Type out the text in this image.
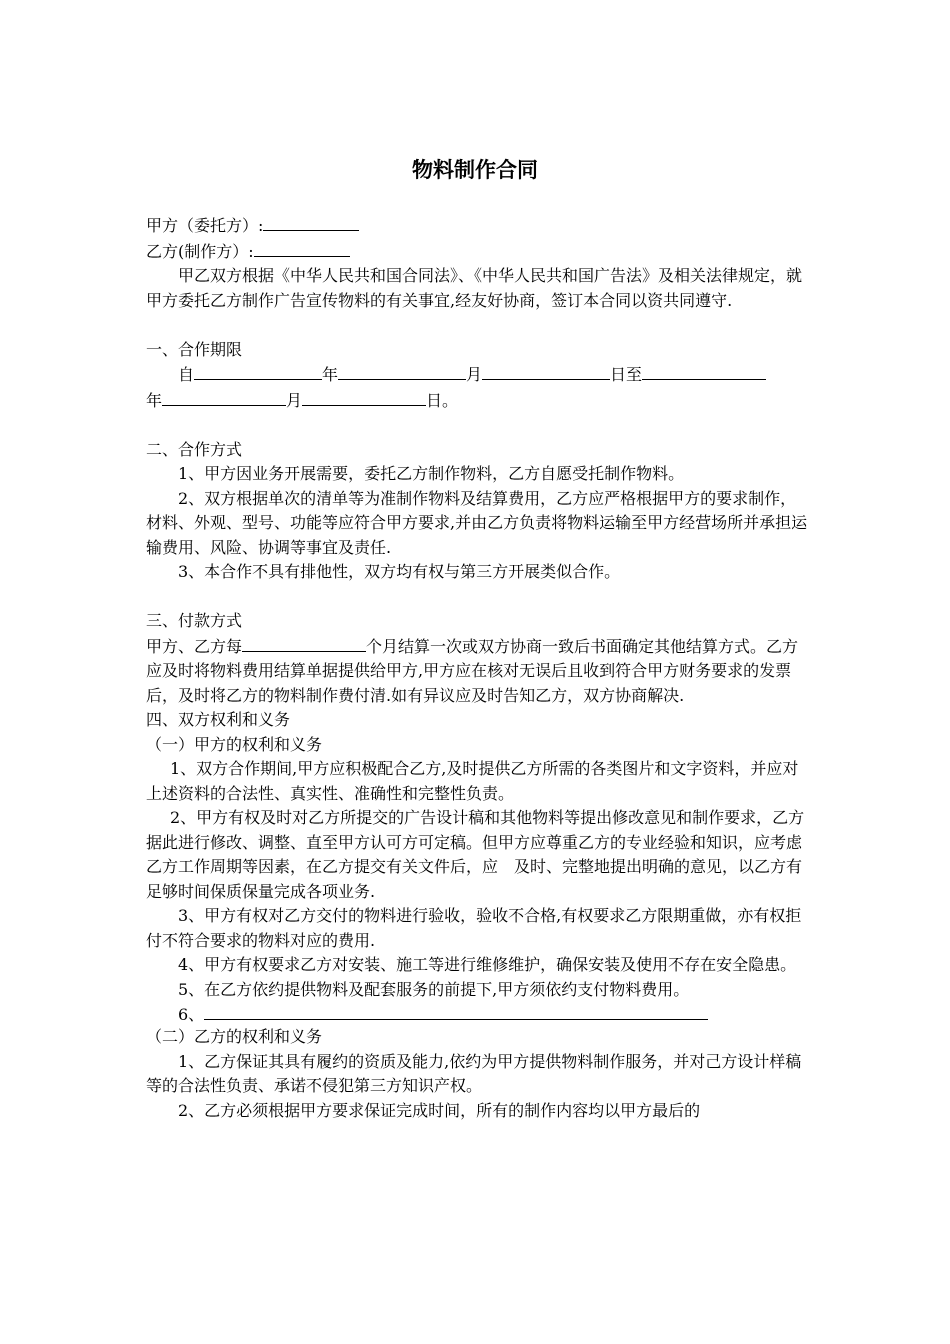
物料制作合同

甲方（委托方）:

乙方(制作方）:

甲乙双方根据《中华人民共和国合同法》、《中华人民共和国广告法》及相关法律规定，就甲方委托乙方制作广告宣传物料的有关事宜,经友好协商，签订本合同以资共同遵守.

一、合作期限

自	年	月	日至

年	月	日。

二、合作方式

1、甲方因业务开展需要，委托乙方制作物料，乙方自愿受托制作物料。

2、双方根据单次的清单等为准制作物料及结算费用，乙方应严格根据甲方的要求制作，材料、外观、型号、功能等应符合甲方要求,并由乙方负责将物料运输至甲方经营场所并承担运输费用、风险、协调等事宜及责任.

3、本合作不具有排他性，双方均有权与第三方开展类似合作。

三、付款方式

甲方、乙方每	个月结算一次或双方协商一致后书面确定其他结算方式。乙方应及时将物料费用结算单据提供给甲方,甲方应在核对无误后且收到符合甲方财务要求的发票后，及时将乙方的物料制作费付清.如有异议应及时告知乙方，双方协商解决.

四、双方权利和义务

（一）甲方的权利和义务

1、双方合作期间,甲方应积极配合乙方,及时提供乙方所需的各类图片和文字资料，并应对上述资料的合法性、真实性、准确性和完整性负责。

2、甲方有权及时对乙方所提交的广告设计稿和其他物料等提出修改意见和制作要求，乙方据此进行修改、调整、直至甲方认可方可定稿。但甲方应尊重乙方的专业经验和知识，应考虑乙方工作周期等因素，在乙方提交有关文件后，应　及时、完整地提出明确的意见，以乙方有足够时间保质保量完成各项业务.

3、甲方有权对乙方交付的物料进行验收，验收不合格,有权要求乙方限期重做，亦有权拒付不符合要求的物料对应的费用.

4、甲方有权要求乙方对安装、施工等进行维修维护，确保安装及使用不存在安全隐患。

5、在乙方依约提供物料及配套服务的前提下,甲方须依约支付物料费用。

6、

（二）乙方的权利和义务

1、乙方保证其具有履约的资质及能力,依约为甲方提供物料制作服务，并对己方设计样稿等的合法性负责、承诺不侵犯第三方知识产权。

2、乙方必须根据甲方要求保证完成时间，所有的制作内容均以甲方最后的
